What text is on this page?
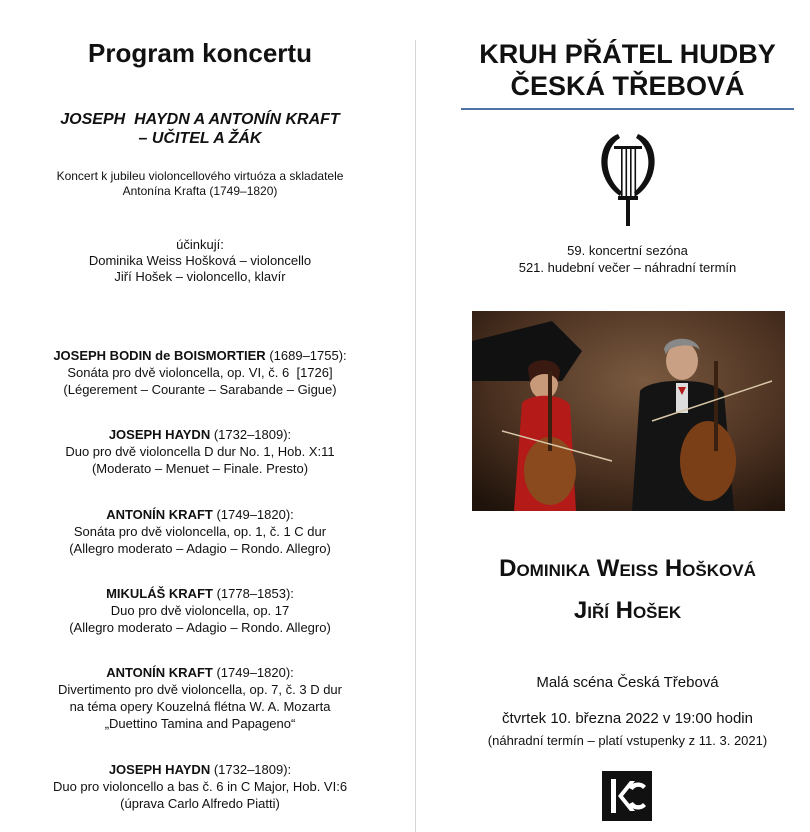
Program koncertu
JOSEPH  HAYDN A ANTONÍN KRAFT
– UČITEL A ŽÁK
Koncert k jubileu violoncellového virtuóza a skladatele
Antonína Krafta (1749–1820)
účinkují:
Dominika Weiss Hošková – violoncello
Jiří Hošek – violoncello, klavír
JOSEPH BODIN de BOISMORTIER (1689–1755):
Sonáta pro dvě violoncella, op. VI, č. 6  [1726]
(Légerement – Courante – Sarabande – Gigue)
JOSEPH HAYDN (1732–1809):
Duo pro dvě violoncella D dur No. 1, Hob. X:11
(Moderato – Menuet – Finale. Presto)
ANTONÍN KRAFT (1749–1820):
Sonáta pro dvě violoncella, op. 1, č. 1 C dur
(Allegro moderato – Adagio – Rondo. Allegro)
MIKULÁŠ KRAFT (1778–1853):
Duo pro dvě violoncella, op. 17
(Allegro moderato – Adagio – Rondo. Allegro)
ANTONÍN KRAFT (1749–1820):
Divertimento pro dvě violoncella, op. 7, č. 3 D dur
na téma opery Kouzelná flétna W. A. Mozarta
„Duettino Tamina and Papageno“
JOSEPH HAYDN (1732–1809):
Duo pro violoncello a bas č. 6 in C Major, Hob. VI:6
(úprava Carlo Alfredo Piatti)
KRUH PŘÁTEL HUDBY
ČESKÁ TŘEBOVÁ
59. koncertní sezóna
521. hudební večer – náhradní termín
Dominika Weiss Hošková
Jiří Hošek
Malá scéna Česká Třebová
čtvrtek 10. března 2022 v 19:00 hodin
(náhradní termín – platí vstupenky z 11. 3. 2021)
